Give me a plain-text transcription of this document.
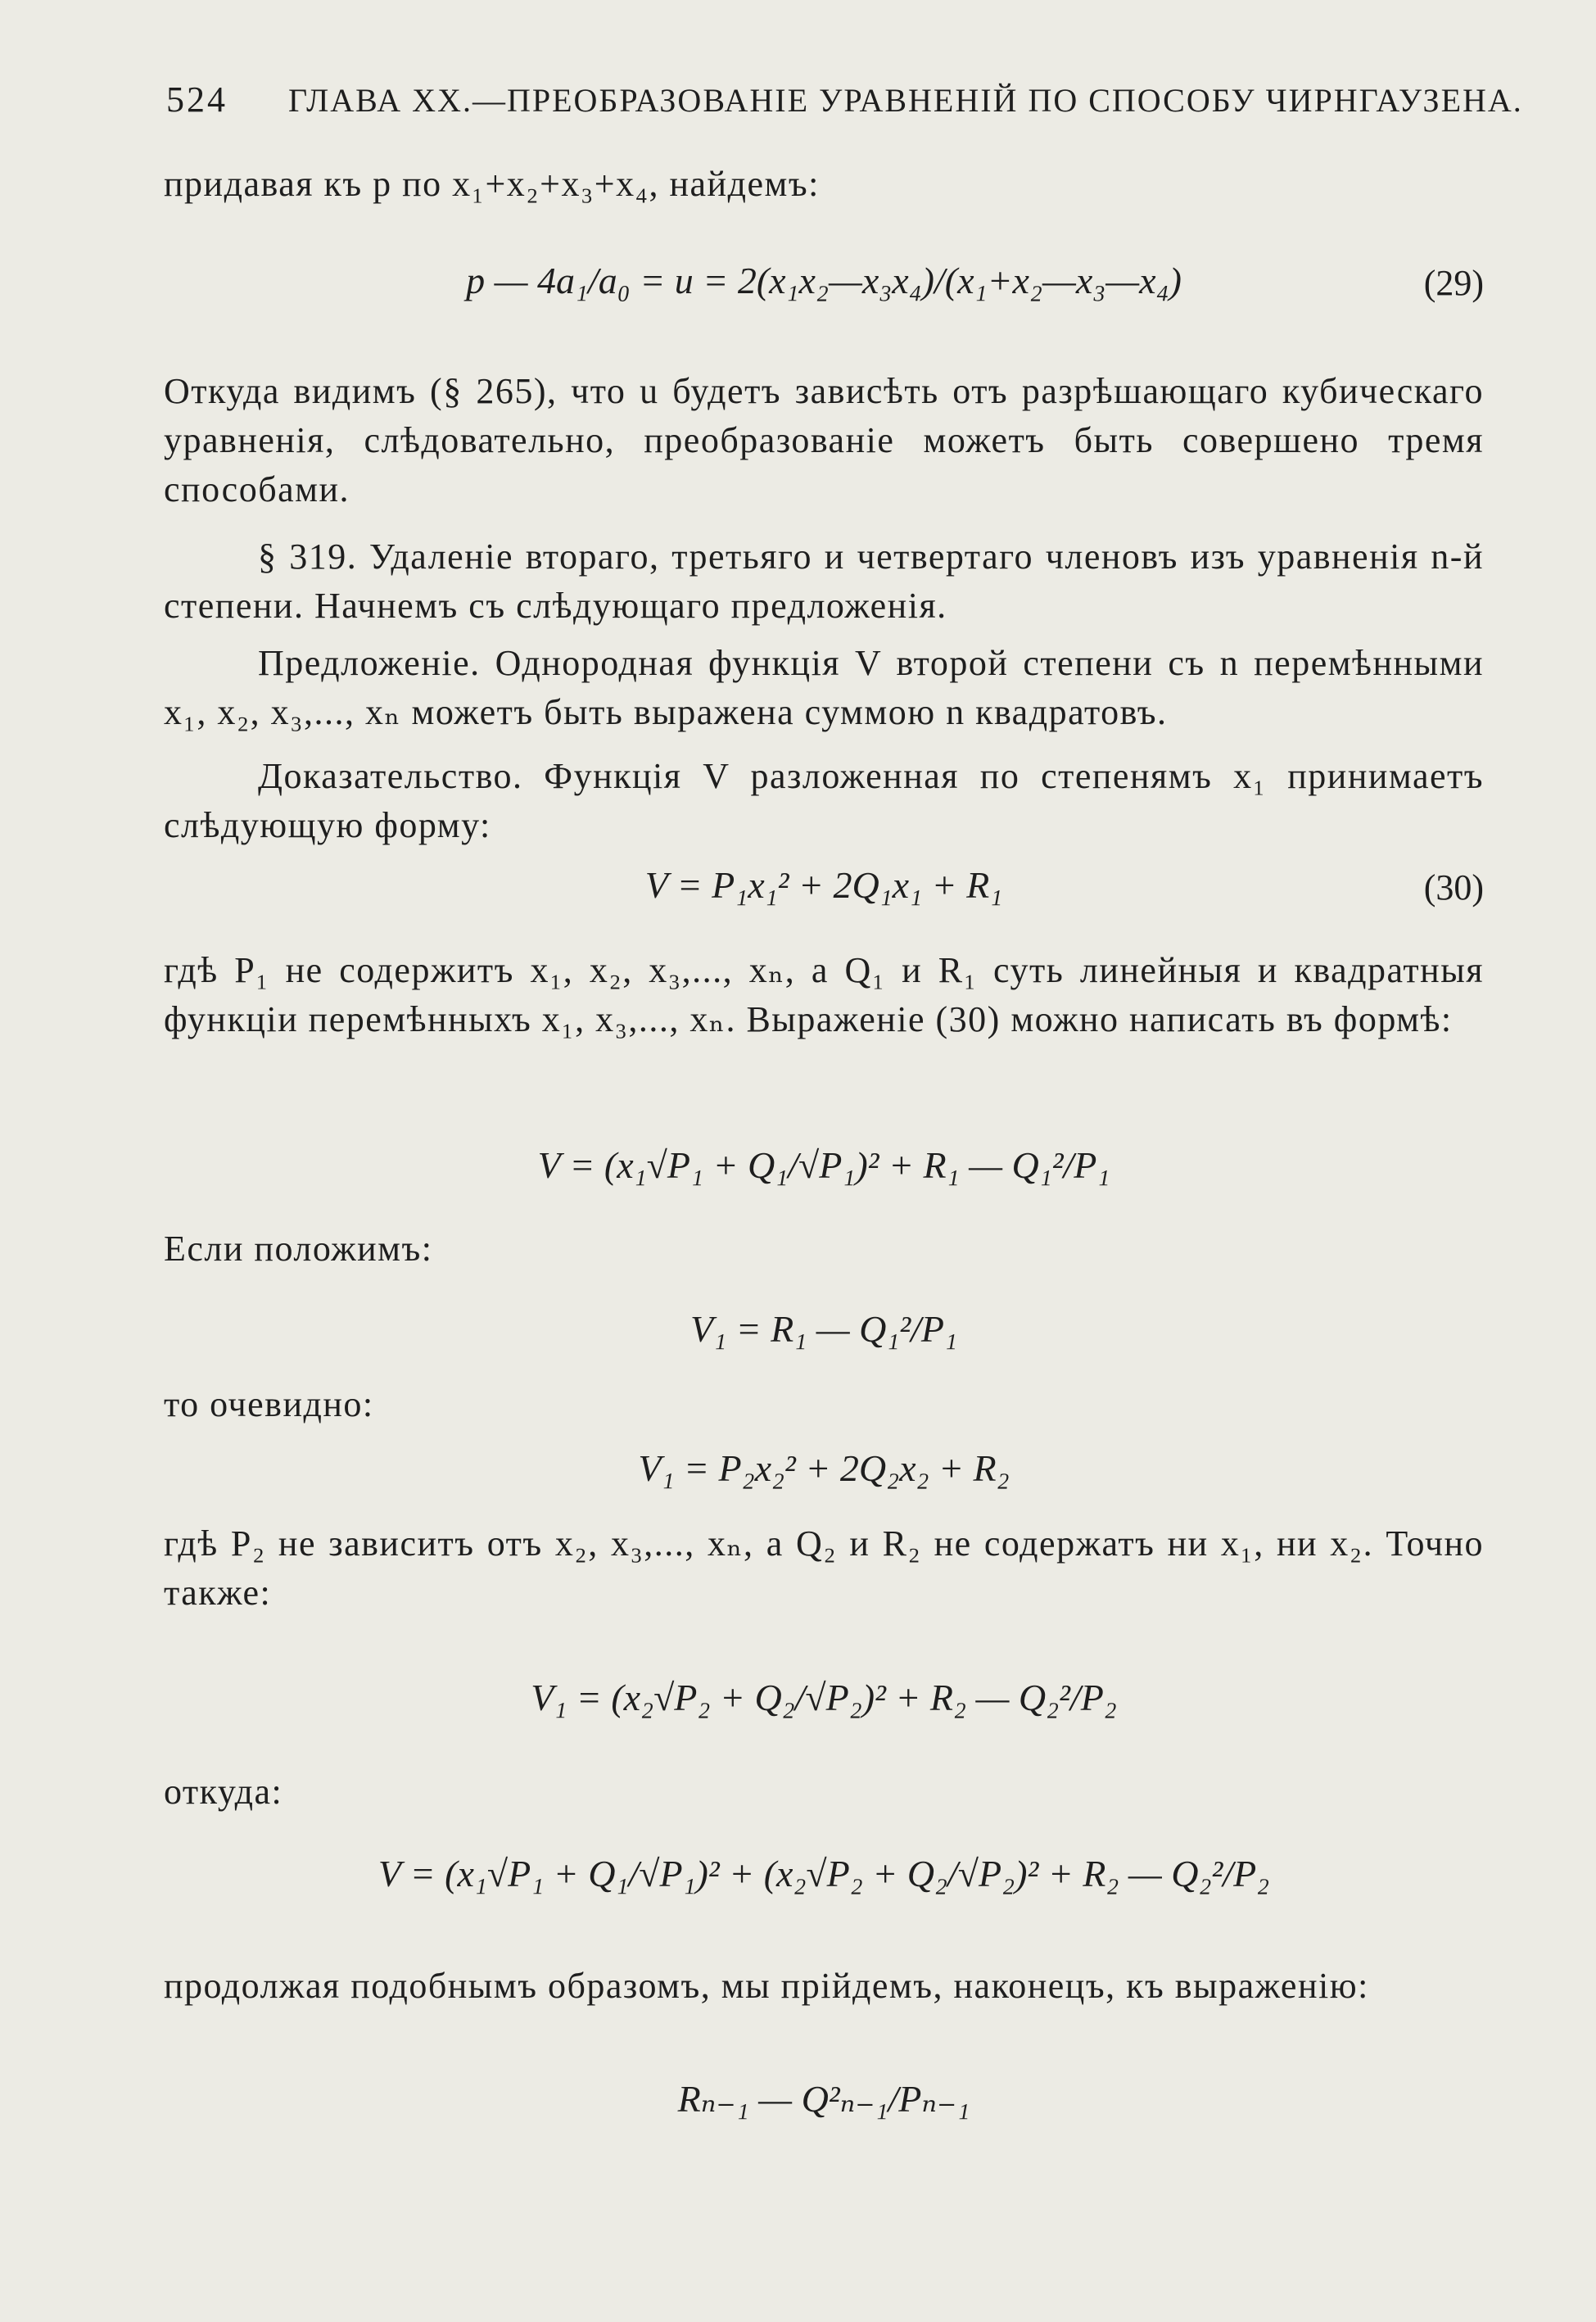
524 ГЛАВА XX.—ПРЕОБРАЗОВАНІЕ УРАВНЕНІЙ ПО СПОСОБУ ЧИРНГАУЗЕНА.
придавая къ p по x₁+x₂+x₃+x₄, найдемъ:
p — 4a₁/a₀ = u = 2(x₁x₂—x₃x₄)/(x₁+x₂—x₃—x₄)	(29)
Откуда видимъ (§ 265), что u будетъ зависѣть отъ разрѣшающаго кубическаго уравненія, слѣдовательно, преобразованіе можетъ быть совершено тремя способами.
§ 319. Удаленіе втораго, третьяго и четвертаго членовъ изъ уравненія n-й степени. Начнемъ съ слѣдующаго предложенія.
Предложеніе. Однородная функція V второй степени съ n перемѣнными x₁, x₂, x₃,..., xₙ можетъ быть выражена суммою n квадратовъ.
Доказательство. Функція V разложенная по степенямъ x₁ принимаетъ слѣдующую форму:
V = P₁x₁² + 2Q₁x₁ + R₁	(30)
гдѣ P₁ не содержитъ x₁, x₂, x₃,..., xₙ, а Q₁ и R₁ суть линейныя и квадратныя функціи перемѣнныхъ x₁, x₃,..., xₙ. Выраженіе (30) можно написать въ формѣ:
V = (x₁√P₁ + Q₁/√P₁)² + R₁ — Q₁²/P₁
Если положимъ:
V₁ = R₁ — Q₁²/P₁
то очевидно:
V₁ = P₂x₂² + 2Q₂x₂ + R₂
гдѣ P₂ не зависитъ отъ x₂, x₃,..., xₙ, а Q₂ и R₂ не содержатъ ни x₁, ни x₂. Точно также:
V₁ = (x₂√P₂ + Q₂/√P₂)² + R₂ — Q₂²/P₂
откуда:
V = (x₁√P₁ + Q₁/√P₁)² + (x₂√P₂ + Q₂/√P₂)² + R₂ — Q₂²/P₂
продолжая подобнымъ образомъ, мы прійдемъ, наконецъ, къ выраженію:
Rₙ₋₁ — Q²ₙ₋₁/Pₙ₋₁
